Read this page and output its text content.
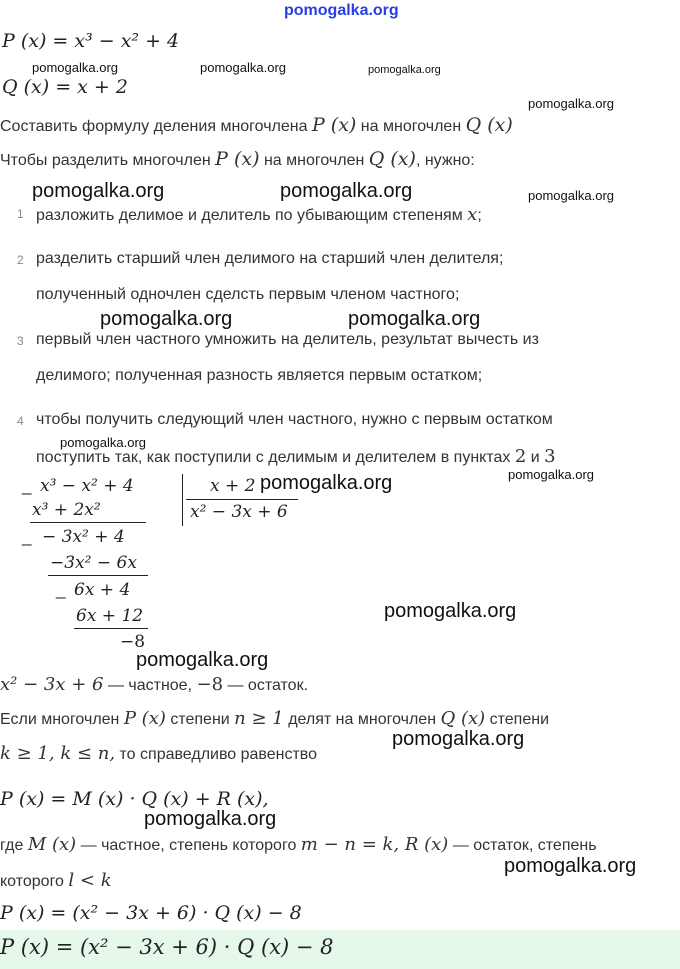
pomogalka.org
P (x) = x³ − x² + 4
Q (x) = x + 2
pomogalka.org	pomogalka.org	pomogalka.org
pomogalka.org
Составить формулу деления многочлена P (x) на многочлен Q (x)
Чтобы разделить многочлен P (x) на многочлен Q (x), нужно:
pomogalka.org	pomogalka.org	pomogalka.org
1 разложить делимое и делитель по убывающим степеням x;
2 разделить старший член делимого на старший член делителя;
полученный одночлен сделсть первым членом частного;
pomogalka.org	pomogalka.org
3 первый член частного умножить на делитель, результат вычесть из
делимого; полученная разность является первым остатком;
4 чтобы получить следующий член частного, нужно с первым остатком
pomogalka.org
поступить так, как поступили с делимым и делителем в пунктах 2 и 3
pomogalka.org
_ x³ − x² + 4	x + 2
x² − 3x + 6
pomogalka.org
x³ + 2x²
_ − 3x² + 4
−3x² − 6x
_ 6x + 4
6x + 12
−8
pomogalka.org
pomogalka.org
x² − 3x + 6 — частное, −8 — остаток.
Если многочлен P (x) степени n ≥ 1 делят на многочлен Q (x) степени
k ≥ 1, k ≤ n, то справедливо равенство
pomogalka.org
P (x) = M (x) · Q (x) + R (x),
pomogalka.org
где M (x) — частное, степень которого m − n = k, R (x) — остаток, степень
которого l < k
pomogalka.org
P (x) = (x² − 3x + 6) · Q (x) − 8
P (x) = (x² − 3x + 6) · Q (x) − 8
